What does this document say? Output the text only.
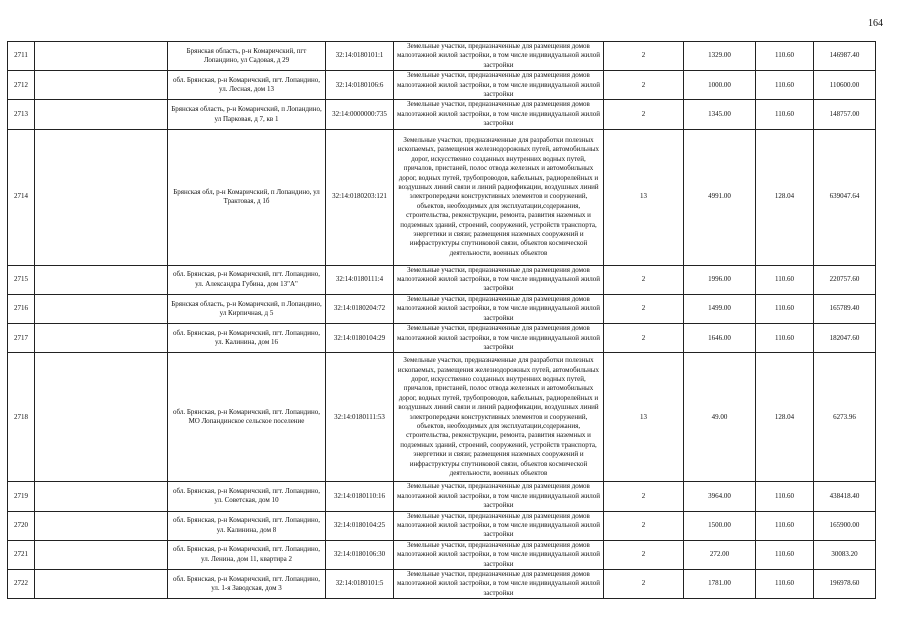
164
2711		Брянская область, р-н Комаричский, пгт Лопандино, ул Садовая, д 29	32:14:0180101:1	Земельные участки, предназначенные для размещения домов малоэтажной жилой застройки, в том числе индивидуальной жилой застройки	2	1329.00	110.60	146987.40
2712		обл. Брянская, р-н Комаричский, пгт. Лопандино, ул. Лесная, дом 13	32:14:0180106:6	Земельные участки, предназначенные для размещения домов малоэтажной жилой застройки, в том числе индивидуальной жилой застройки	2	1000.00	110.60	110600.00
2713		Брянская область, р-н Комаричский, п Лопандино, ул Парковая, д 7, кв 1	32:14:0000000:735	Земельные участки, предназначенные для размещения домов малоэтажной жилой застройки, в том числе индивидуальной жилой застройки	2	1345.00	110.60	148757.00
2714		Брянская обл, р-н Комаричский, п Лопандино, ул Трактовая, д 1б	32:14:0180203:121	Земельные участки, предназначенные для разработки полезных ископаемых, размещения железнодорожных путей, автомобильных дорог, искусственно созданных внутренних водных путей, причалов, пристаней, полос отвода железных и автомобильных дорог, водных путей, трубопроводов, кабельных, радиорелейных и воздушных линий связи и линий радиофикации, воздушных линий электропередачи конструктивных элементов и сооружений, объектов, необходимых для эксплуатации,содержания, строительства, реконструкции, ремонта, развития наземных и подземных зданий, строений, сооружений, устройств транспорта, энергетики и связи; размещения наземных сооружений и инфраструктуры спутниковой связи, объектов космической деятельности, военных объектов	13	4991.00	128.04	639047.64
2715		обл. Брянская, р-н Комаричский, пгт. Лопандино, ул. Александра Губина, дом 13"А"	32:14:0180111:4	Земельные участки, предназначенные для размещения домов малоэтажной жилой застройки, в том числе индивидуальной жилой застройки	2	1996.00	110.60	220757.60
2716		Брянская область, р-н Комаричский, п Лопандино, ул Кирпичная, д 5	32:14:0180204:72	Земельные участки, предназначенные для размещения домов малоэтажной жилой застройки, в том числе индивидуальной жилой застройки	2	1499.00	110.60	165789.40
2717		обл. Брянская, р-н Комаричский, пгт. Лопандино, ул. Калинина, дом 16	32:14:0180104:29	Земельные участки, предназначенные для размещения домов малоэтажной жилой застройки, в том числе индивидуальной жилой застройки	2	1646.00	110.60	182047.60
2718		обл. Брянская, р-н Комаричский, пгт. Лопандино, МО Лопандинское сельское поселение	32:14:0180111:53	Земельные участки, предназначенные для разработки полезных ископаемых, размещения железнодорожных путей, автомобильных дорог, искусственно созданных внутренних водных путей, причалов, пристаней, полос отвода железных и автомобильных дорог, водных путей, трубопроводов, кабельных, радиорелейных и воздушных линий связи и линий радиофикации, воздушных линий электропередачи конструктивных элементов и сооружений, объектов, необходимых для эксплуатации,содержания, строительства, реконструкции, ремонта, развития наземных и подземных зданий, строений, сооружений, устройств транспорта, энергетики и связи; размещения наземных сооружений и инфраструктуры спутниковой связи, объектов космической деятельности, военных объектов	13	49.00	128.04	6273.96
2719		обл. Брянская, р-н Комаричский, пгт. Лопандино, ул. Советская, дом 10	32:14:0180110:16	Земельные участки, предназначенные для размещения домов малоэтажной жилой застройки, в том числе индивидуальной жилой застройки	2	3964.00	110.60	438418.40
2720		обл. Брянская, р-н Комаричский, пгт. Лопандино, ул. Калинина, дом 8	32:14:0180104:25	Земельные участки, предназначенные для размещения домов малоэтажной жилой застройки, в том числе индивидуальной жилой застройки	2	1500.00	110.60	165900.00
2721		обл. Брянская, р-н Комаричский, пгт. Лопандино, ул. Ленина, дом 11, квартира 2	32:14:0180106:30	Земельные участки, предназначенные для размещения домов малоэтажной жилой застройки, в том числе индивидуальной жилой застройки	2	272.00	110.60	30083.20
2722		обл. Брянская, р-н Комаричский, пгт. Лопандино, ул. 1-я Заводская, дом 3	32:14:0180101:5	Земельные участки, предназначенные для размещения домов малоэтажной жилой застройки, в том числе индивидуальной жилой застройки	2	1781.00	110.60	196978.60
